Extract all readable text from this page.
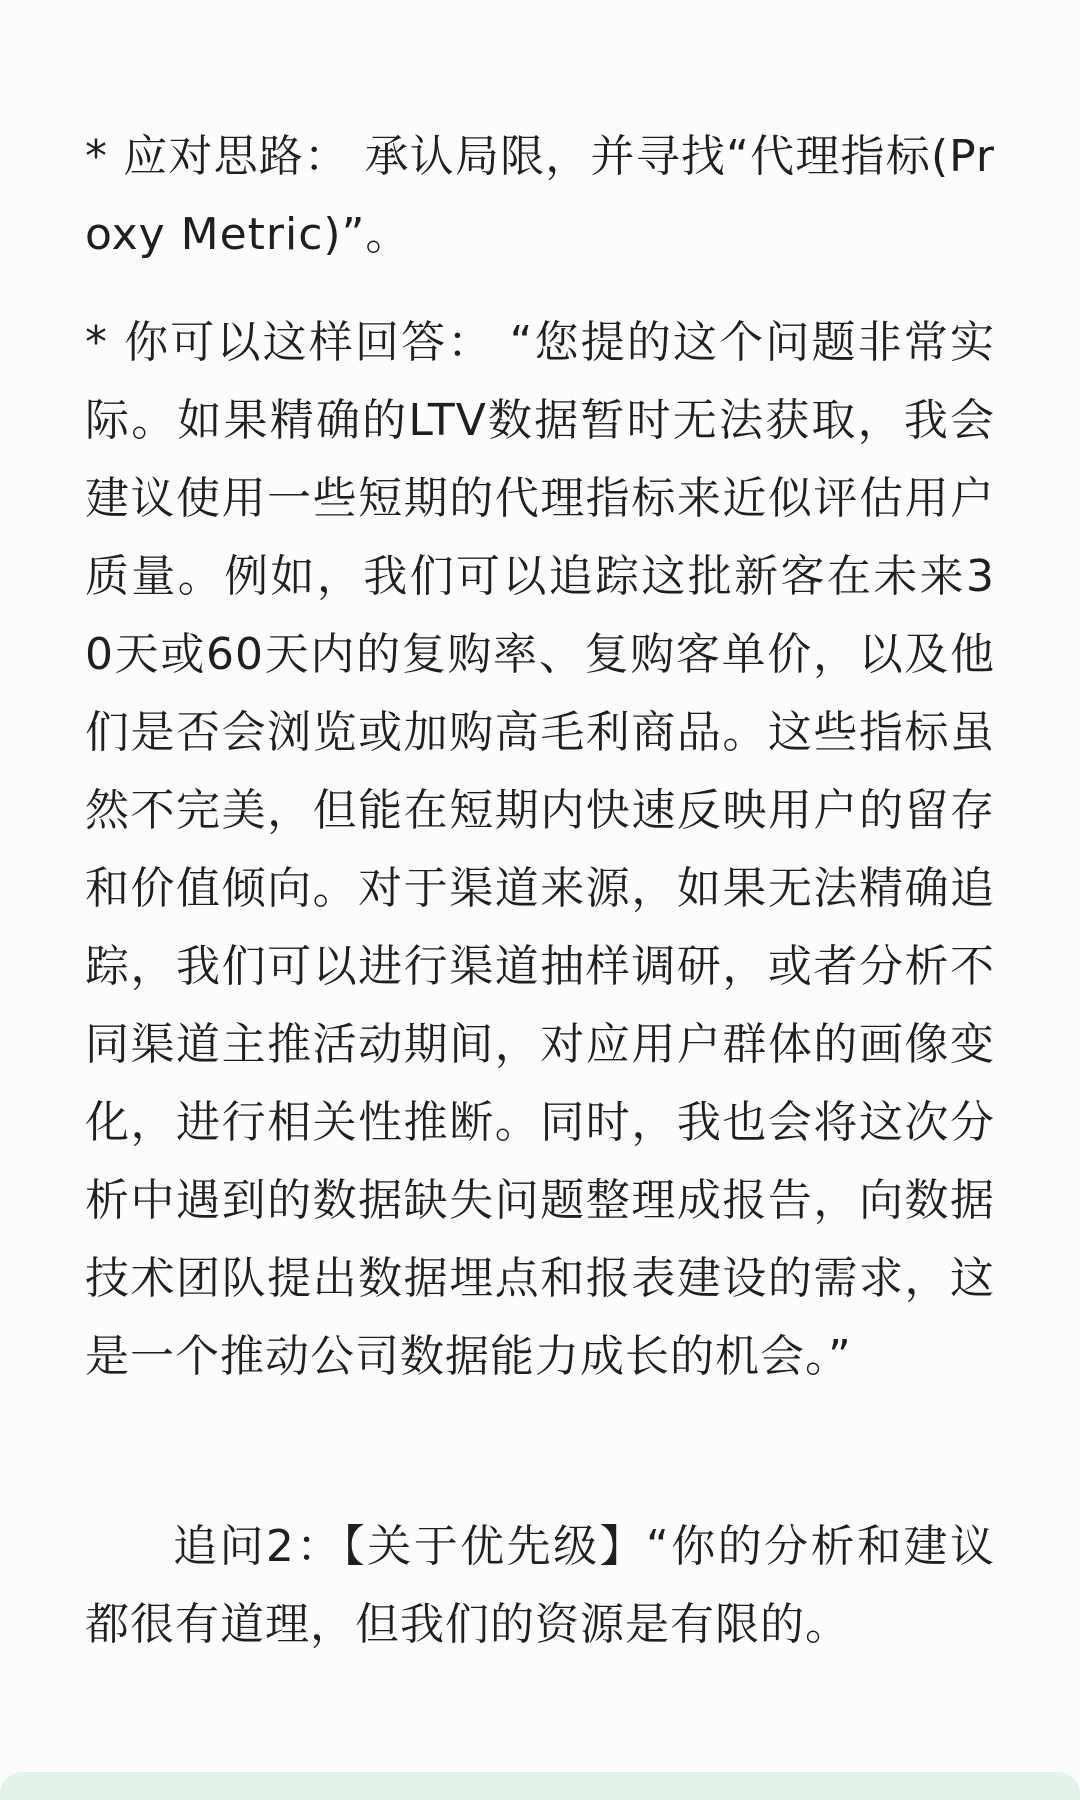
* 应对思路： 承认局限，并寻找“代理指标(Proxy Metric)”。

* 你可以这样回答： “您提的这个问题非常实际。如果精确的LTV数据暂时无法获取，我会建议使用一些短期的代理指标来近似评估用户质量。例如，我们可以追踪这批新客在未来30天或60天内的复购率、复购客单价，以及他们是否会浏览或加购高毛利商品。这些指标虽然不完美，但能在短期内快速反映用户的留存和价值倾向。对于渠道来源，如果无法精确追踪，我们可以进行渠道抽样调研，或者分析不同渠道主推活动期间，对应用户群体的画像变化，进行相关性推断。同时，我也会将这次分析中遇到的数据缺失问题整理成报告，向数据技术团队提出数据埋点和报表建设的需求，这是一个推动公司数据能力成长的机会。”

追问2：【关于优先级】“你的分析和建议都很有道理，但我们的资源是有限的。
